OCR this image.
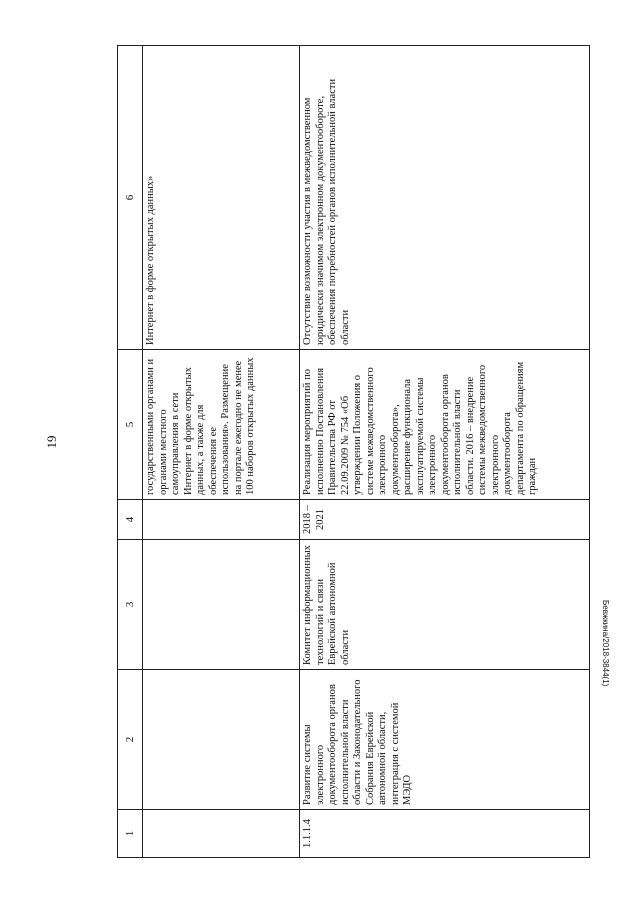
19
1	2	3	4	5	6
				государственными органами и органами местного самоуправления в сети Интернет в форме открытых данных, а также для обеспечения ее использования». Размещение на портале ежегодно не менее 100 наборов открытых данных	Интернет в форме открытых данных»
1.1.1.4	Развитие системы электронного документооборота органов исполнительной власти области и Законодательного Собрания Еврейской автономной области, интеграция с системой МЭДО	Комитет информационных технологий и связи Еврейской автономной области	2018 – 2021	Реализация мероприятий по исполнению Постановления Правительства РФ от 22.09.2009 № 754 «Об утверждении Положения о системе межведомственного электронного документооборота», расширение функционала эксплуатируемой системы электронного документооборота органов исполнительной власти области. 2016 – внедрение системы межведомственного электронного документооборота департамента по обращениям граждан	Отсутствие возможности участия в межведомственном юридически значимом электронном документообороте, обеспечения потребностей органов исполнительной власти области
Бевжкина/2018-3844(1)
